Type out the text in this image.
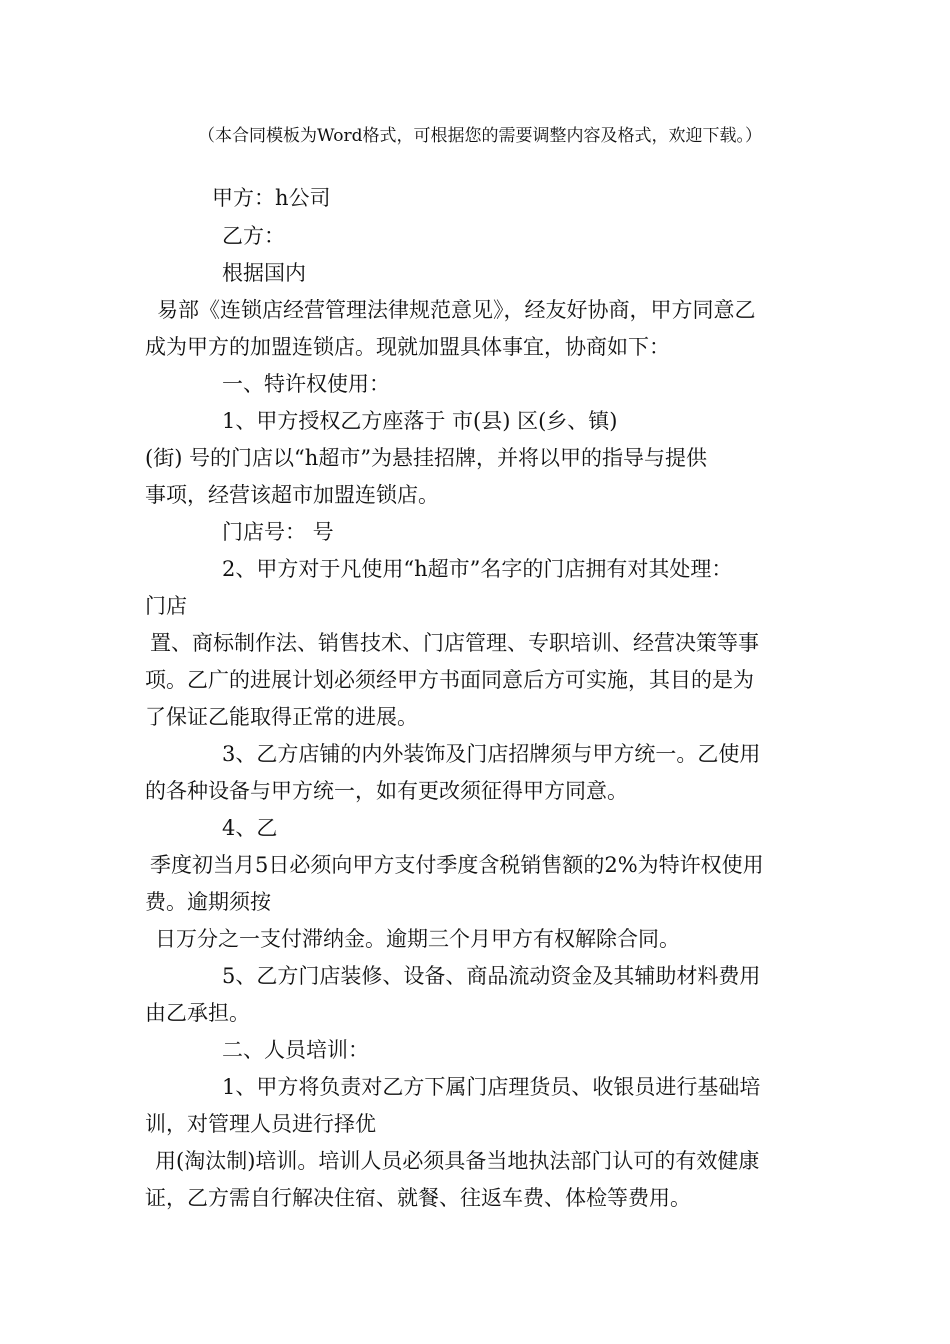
（本合同模板为Word格式，可根据您的需要调整内容及格式，欢迎下载。）
甲方：h公司
乙方：
根据国内
易部《连锁店经营管理法律规范意见》，经友好协商，甲方同意乙
成为甲方的加盟连锁店。现就加盟具体事宜，协商如下：
一、特许权使用：
1、甲方授权乙方座落于 市(县) 区(乡、镇)
(街) 号的门店以“h超市”为悬挂招牌，并将以甲的指导与提供
事项，经营该超市加盟连锁店。
门店号： 号
2、甲方对于凡使用“h超市”名字的门店拥有对其处理：
门店
置、商标制作法、销售技术、门店管理、专职培训、经营决策等事
项。乙广的进展计划必须经甲方书面同意后方可实施，其目的是为
了保证乙能取得正常的进展。
3、乙方店铺的内外装饰及门店招牌须与甲方统一。乙使用
的各种设备与甲方统一，如有更改须征得甲方同意。
4、乙
季度初当月5日必须向甲方支付季度含税销售额的2%为特许权使用
费。逾期须按
日万分之一支付滞纳金。逾期三个月甲方有权解除合同。
5、乙方门店装修、设备、商品流动资金及其辅助材料费用
由乙承担。
二、人员培训：
1、甲方将负责对乙方下属门店理货员、收银员进行基础培
训，对管理人员进行择优
用(淘汰制)培训。培训人员必须具备当地执法部门认可的有效健康
证，乙方需自行解决住宿、就餐、往返车费、体检等费用。
